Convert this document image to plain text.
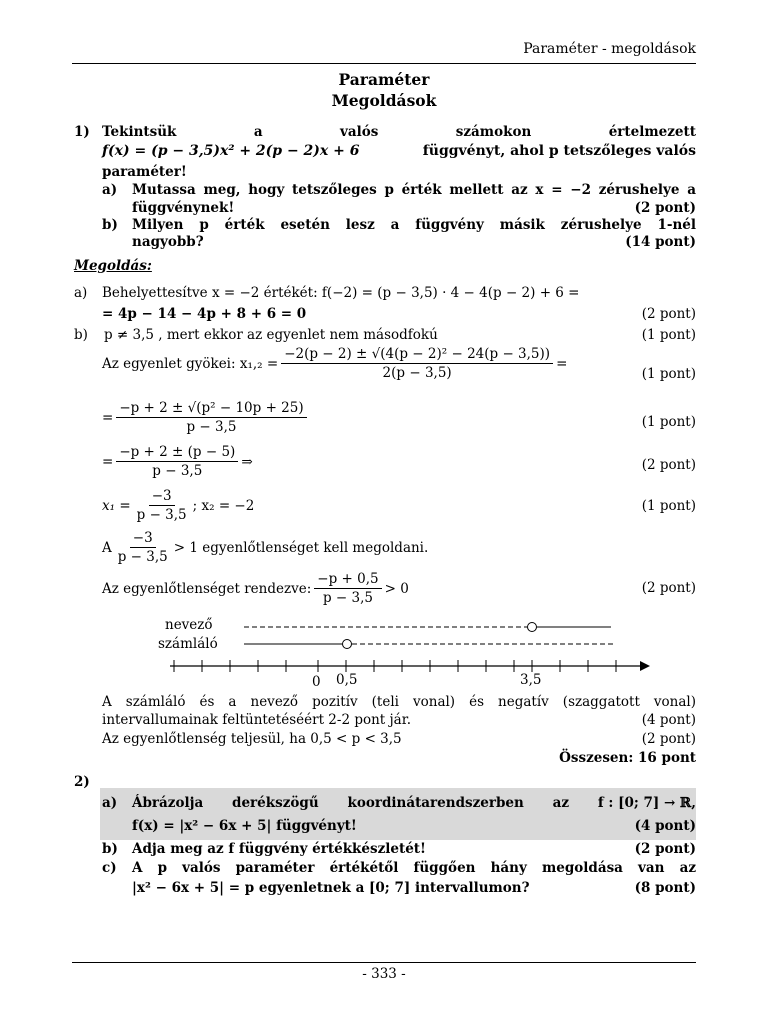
Paraméter - megoldások
Paraméter
Megoldások
1) Tekintsük	a	valós	számokon	értelmezett
f(x) = (p − 3,5)x² + 2(p − 2)x + 6	függvényt, ahol p tetszőleges valós
paraméter!
a) Mutassa meg, hogy tetszőleges p érték mellett az x = −2 zérushelye a
függvénynek!	(2 pont)
b) Milyen p érték esetén lesz a függvény másik zérushelye 1-nél
nagyobb?	(14 pont)
Megoldás:
a) Behelyettesítve x = −2 értékét: f(−2) = (p − 3,5) · 4 − 4(p − 2) + 6 =
= 4p − 14 − 4p + 8 + 6 = 0	(2 pont)
b) p ≠ 3,5 , mert ekkor az egyenlet nem másodfokú	(1 pont)
Az egyenlet gyökei: $x_1,_2 = \frac{\text{−2(p − 2) ± √(4(p − 2)² − 24(p − 3,5))}}{2(p - 3,5)}$ =
(1 pont)
= $\frac{\text{−p + 2 ± √(p² − 10p + 25)}}{p - 3,5}$	(1 pont)
= $\frac{-p + 2 \pm (p - 5)}{p - 3,5}$ ⇒	(2 pont)
$x_1 = \frac{-3}{p - 3,5}$ ; x₂ = −2	(1 pont)
A $\frac{-3}{p - 3,5} > 1$ egyenlőtlenséget kell megoldani.
Az egyenlőtlenséget rendezve: $\frac{-p + 0,5}{p - 3,5} > 0$	(2 pont)
nevező
számláló
0 0,5	3,5
A számláló és a nevező pozitív (teli vonal) és negatív (szaggatott vonal)
intervallumainak feltüntetéséért 2-2 pont jár.	(4 pont)
Az egyenlőtlenség teljesül, ha 0,5 < p < 3,5	(2 pont)
Összesen: 16 pont
2)
a) Ábrázolja derékszögű koordinátarendszerben az f : [0; 7] → ℝ,
f(x) = |x² − 6x + 5| függvényt!	(4 pont)
b) Adja meg az f függvény értékkészletét!	(2 pont)
c) A p valós paraméter értékétől függően hány megoldása van az
|x² − 6x + 5| = p egyenletnek a [0; 7] intervallumon?	(8 pont)
- 333 -
